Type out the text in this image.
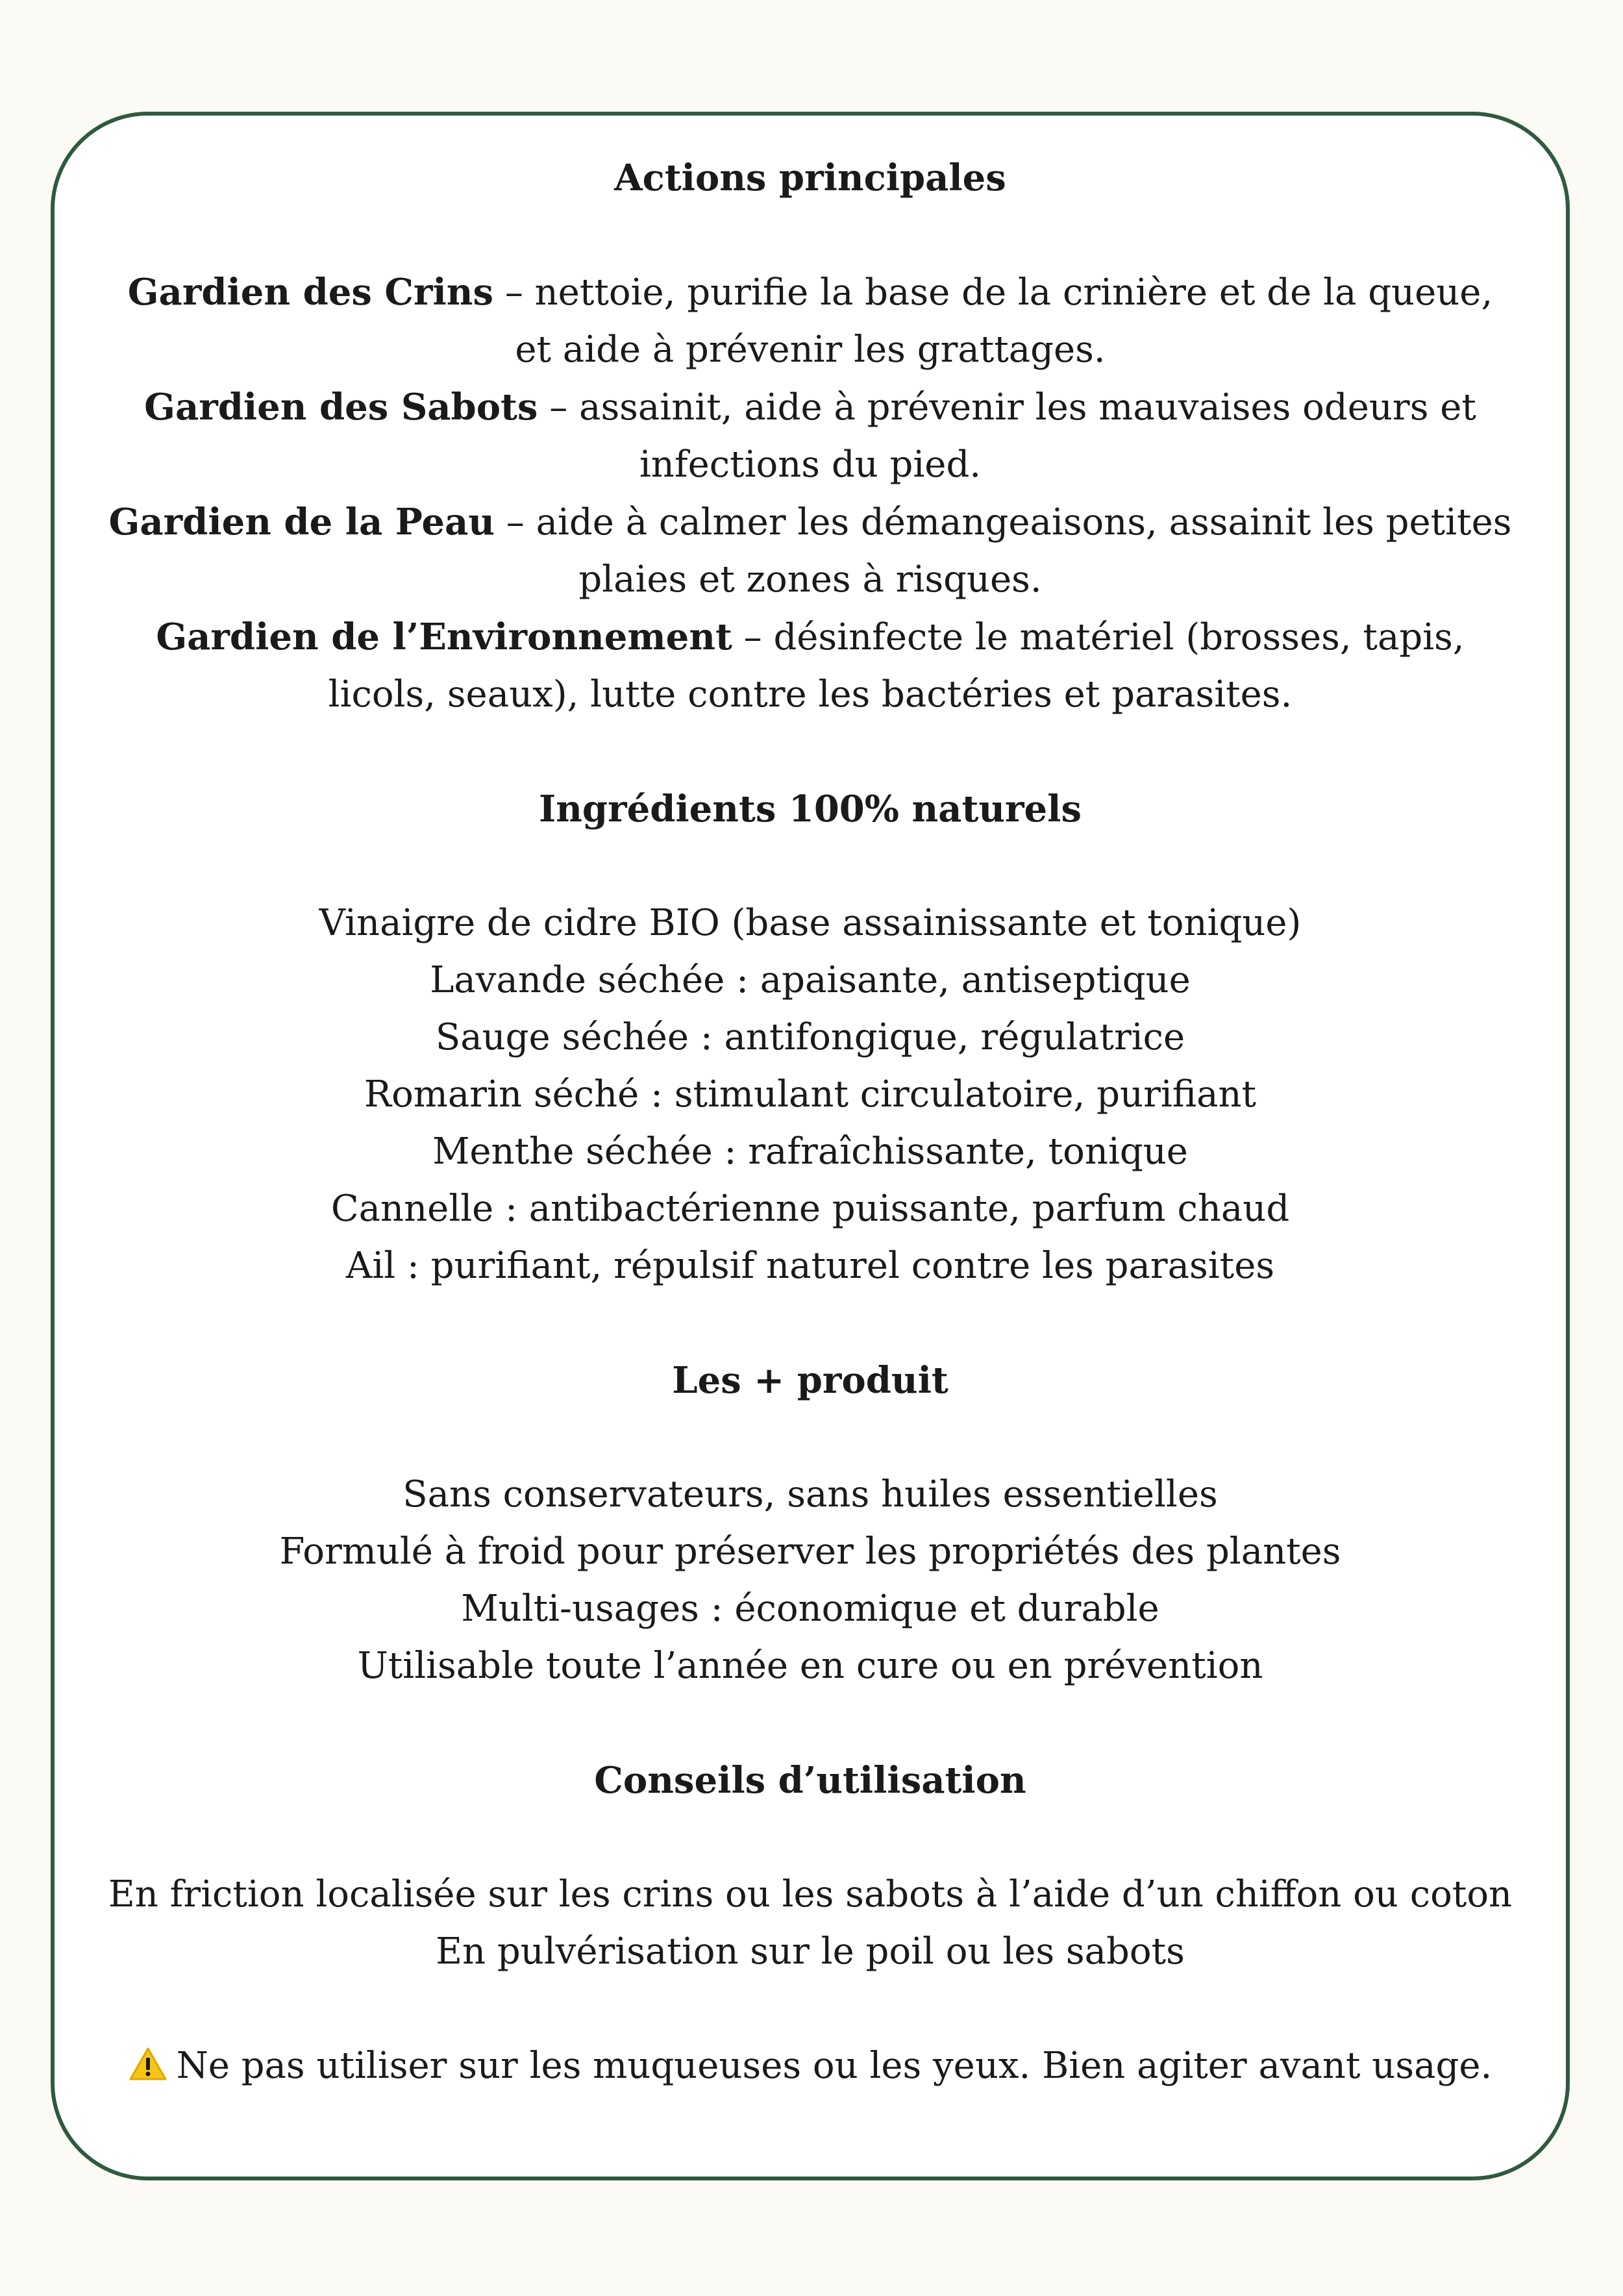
Actions principales

Gardien des Crins – nettoie, purifie la base de la crinière et de la queue, et aide à prévenir les grattages.

Gardien des Sabots – assainit, aide à prévenir les mauvaises odeurs et infections du pied.

Gardien de la Peau – aide à calmer les démangeaisons, assainit les petites plaies et zones à risques.

Gardien de l’Environnement – désinfecte le matériel (brosses, tapis, licols, seaux), lutte contre les bactéries et parasites.

Ingrédients 100% naturels

Vinaigre de cidre BIO (base assainissante et tonique)

Lavande séchée : apaisante, antiseptique

Sauge séchée : antifongique, régulatrice

Romarin séché : stimulant circulatoire, purifiant

Menthe séchée : rafraîchissante, tonique

Cannelle : antibactérienne puissante, parfum chaud

Ail : purifiant, répulsif naturel contre les parasites

Les + produit

Sans conservateurs, sans huiles essentielles

Formulé à froid pour préserver les propriétés des plantes

Multi-usages : économique et durable

Utilisable toute l’année en cure ou en prévention

Conseils d’utilisation

En friction localisée sur les crins ou les sabots à l’aide d’un chiffon ou coton

En pulvérisation sur le poil ou les sabots

Ne pas utiliser sur les muqueuses ou les yeux. Bien agiter avant usage.
